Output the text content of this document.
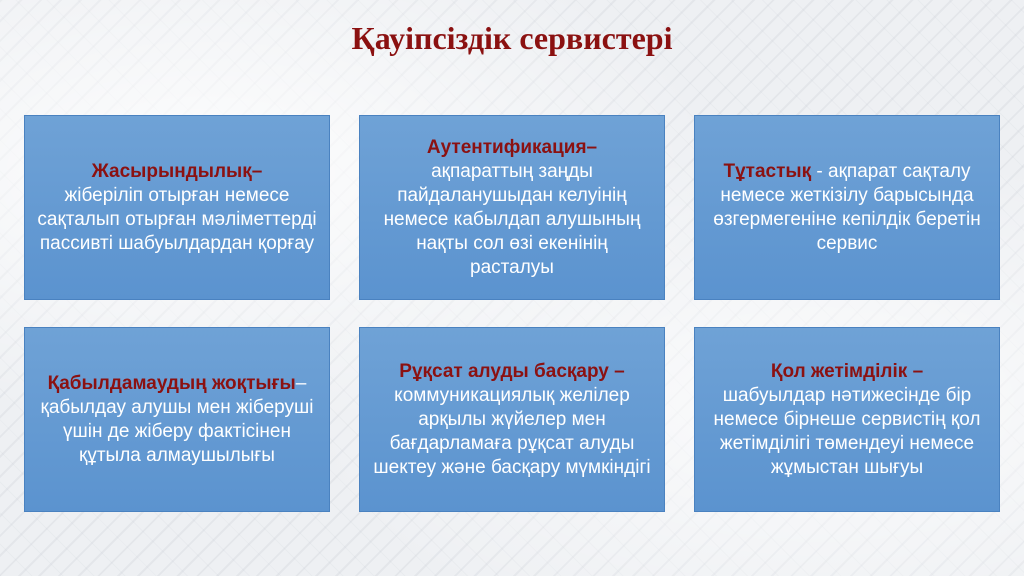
Қауіпсіздік сервистері

Жасырындылық–
жіберіліп отырған немесе сақталып отырған мәліметтерді пассивті шабуылдардан қорғау

Аутентификация–
ақпараттың заңды пайдаланушыдан келуінің немесе кабылдап алушының нақты сол өзі екенінің расталуы

Тұтастық - ақпарат сақталу немесе жеткізілу барысында өзгермегеніне кепілдік беретін сервис

Қабылдамаудың жоқтығы–қабылдау алушы мен жіберуші үшін де жіберу фактісінен құтыла алмаушылығы

Рұқсат алуды басқару –
коммуникациялық желілер арқылы жүйелер мен бағдарламаға рұқсат алуды шектеу және басқару мүмкіндігі

Қол жетімділік –
шабуылдар нәтижесінде бір немесе бірнеше сервистің қол жетімділігі төмендеуі немесе жұмыстан шығуы
